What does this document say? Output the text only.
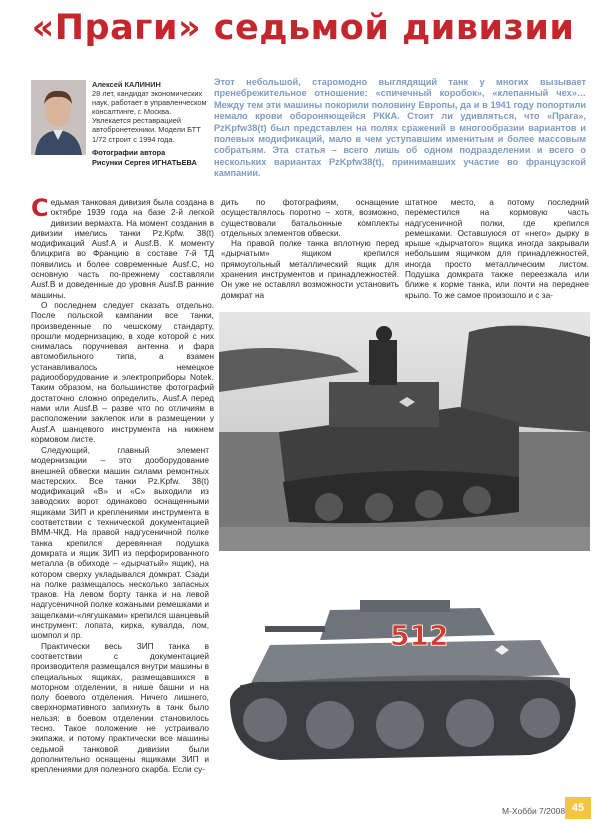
«Праги» седьмой дивизии
Алексей КАЛИНИН
28 лет, кандидат экономических наук, работает в управленческом консалтинге, г. Москва. Увлекается реставрацией автобронетехники. Модели БТТ 1/72 строит с 1994 года.
Фотографии автора
Рисунки Сергея ИГНАТЬЕВА
Этот небольшой, старомодно выглядящий танк у многих вызывает пренебрежительное отношение: «спичечный коробок», «клепанный чех»…Между тем эти машины покорили половину Европы, да и в 1941 году попортили немало крови обороняющейся РККА. Стоит ли удивляться, что «Прага», PzKpfw38(t) был представлен на полях сражений в многообразии вариантов и полевых модификаций, мало в чем уступавшим именитым и более массовым собратьям. Эта статья – всего лишь об одном подразделении и всего о нескольких вариантах PzKpfw38(t), принимавших участие во французской кампании.

Седьмая танковая дивизия была создана в октябре 1939 года на базе 2-й легкой дивизии вермахта. На момент создания в дивизии имелись танки Pz.Kpfw. 38(t) модификаций Ausf.A и Ausf.B. К моменту блицкрига во Францию в составе 7-й ТД появились и более современные Ausf.C, но основную часть по-прежнему составляли Ausf.B и доведенные до уровня Ausf.B ранние машины.

О последнем следует сказать отдельно. После польской кампании все танки, произведенные по чешскому стандарту, прошли модернизацию, в ходе которой с них снималась поручневая антенна и фара автомобильного типа, а взамен устанавливалось немецкое радиооборудование и электроприборы Notek. Таким образом, на большинстве фотографий достаточно сложно определить, Ausf.A перед нами или Ausf.B – разве что по отличиям в расположении заклепок или в размещении у Ausf.A шанцевого инструмента на нижнем кормовом листе.

Следующий, главный элемент модернизации – это дооборудование внешней обвески машин силами ремонтных мастерских. Все танки Pz.Kpfw. 38(t) модификаций «В» и «С» выходили из заводских ворот одинаково оснащенными ящиками ЗИП и креплениями инструмента в соответствии с технической документацией ВММ-ЧКД. На правой надгусеничной полке танка крепился деревянная подушка домкрата и ящик ЗИП из перфорированного металла (в обиходе – «дырчатый» ящик), на котором сверху укладывался домкрат. Сзади на полке размещалось несколько запасных траков. На левом борту танка и на левой надгусеничной полке кожаными ремешками и защелками-«лягушками» крепился шанцевый инструмент: лопата, кирка, кувалда, лом, шомпол и пр.

Практически весь ЗИП танка в соответствии с документацией производителя размещался внутри машины в специальных ящиках, размещавшихся в моторном отделении, в нише башни и на полу боевого отделения. Ничего лишнего, сверхнормативного запихнуть в танк было нельзя: в боевом отделении становилось тесно. Такое положение не устраивало экипажи, и потому практически все машины седьмой танковой дивизии были дополнительно оснащены ящиками ЗИП и креплениями для полезного скарба. Если су-

дить по фотографиям, оснащение осуществлялось поротно – хотя, возможно, существовали батальонные комплекты отдельных элементов обвески.

На правой полке танка вплотную перед «дырчатым» ящиком крепился прямоугольный металлический ящик для хранения инструментов и принадлежностей. Он уже не оставлял возможности установить домкрат на

штатное место, а потому последний переместился на кормовую часть надгусеничной полки, где крепился ремешками. Оставшуюся от «него» дырку в крыше «дырчатого» ящика иногда закрывали небольшим ящичком для принадлежностей, иногда просто металлическим листом. Подушка домкрата также переезжала или ближе к корме танка, или почти на переднее крыло. То же самое произошло и с за-

512
М-Хобби 7/2008 45
